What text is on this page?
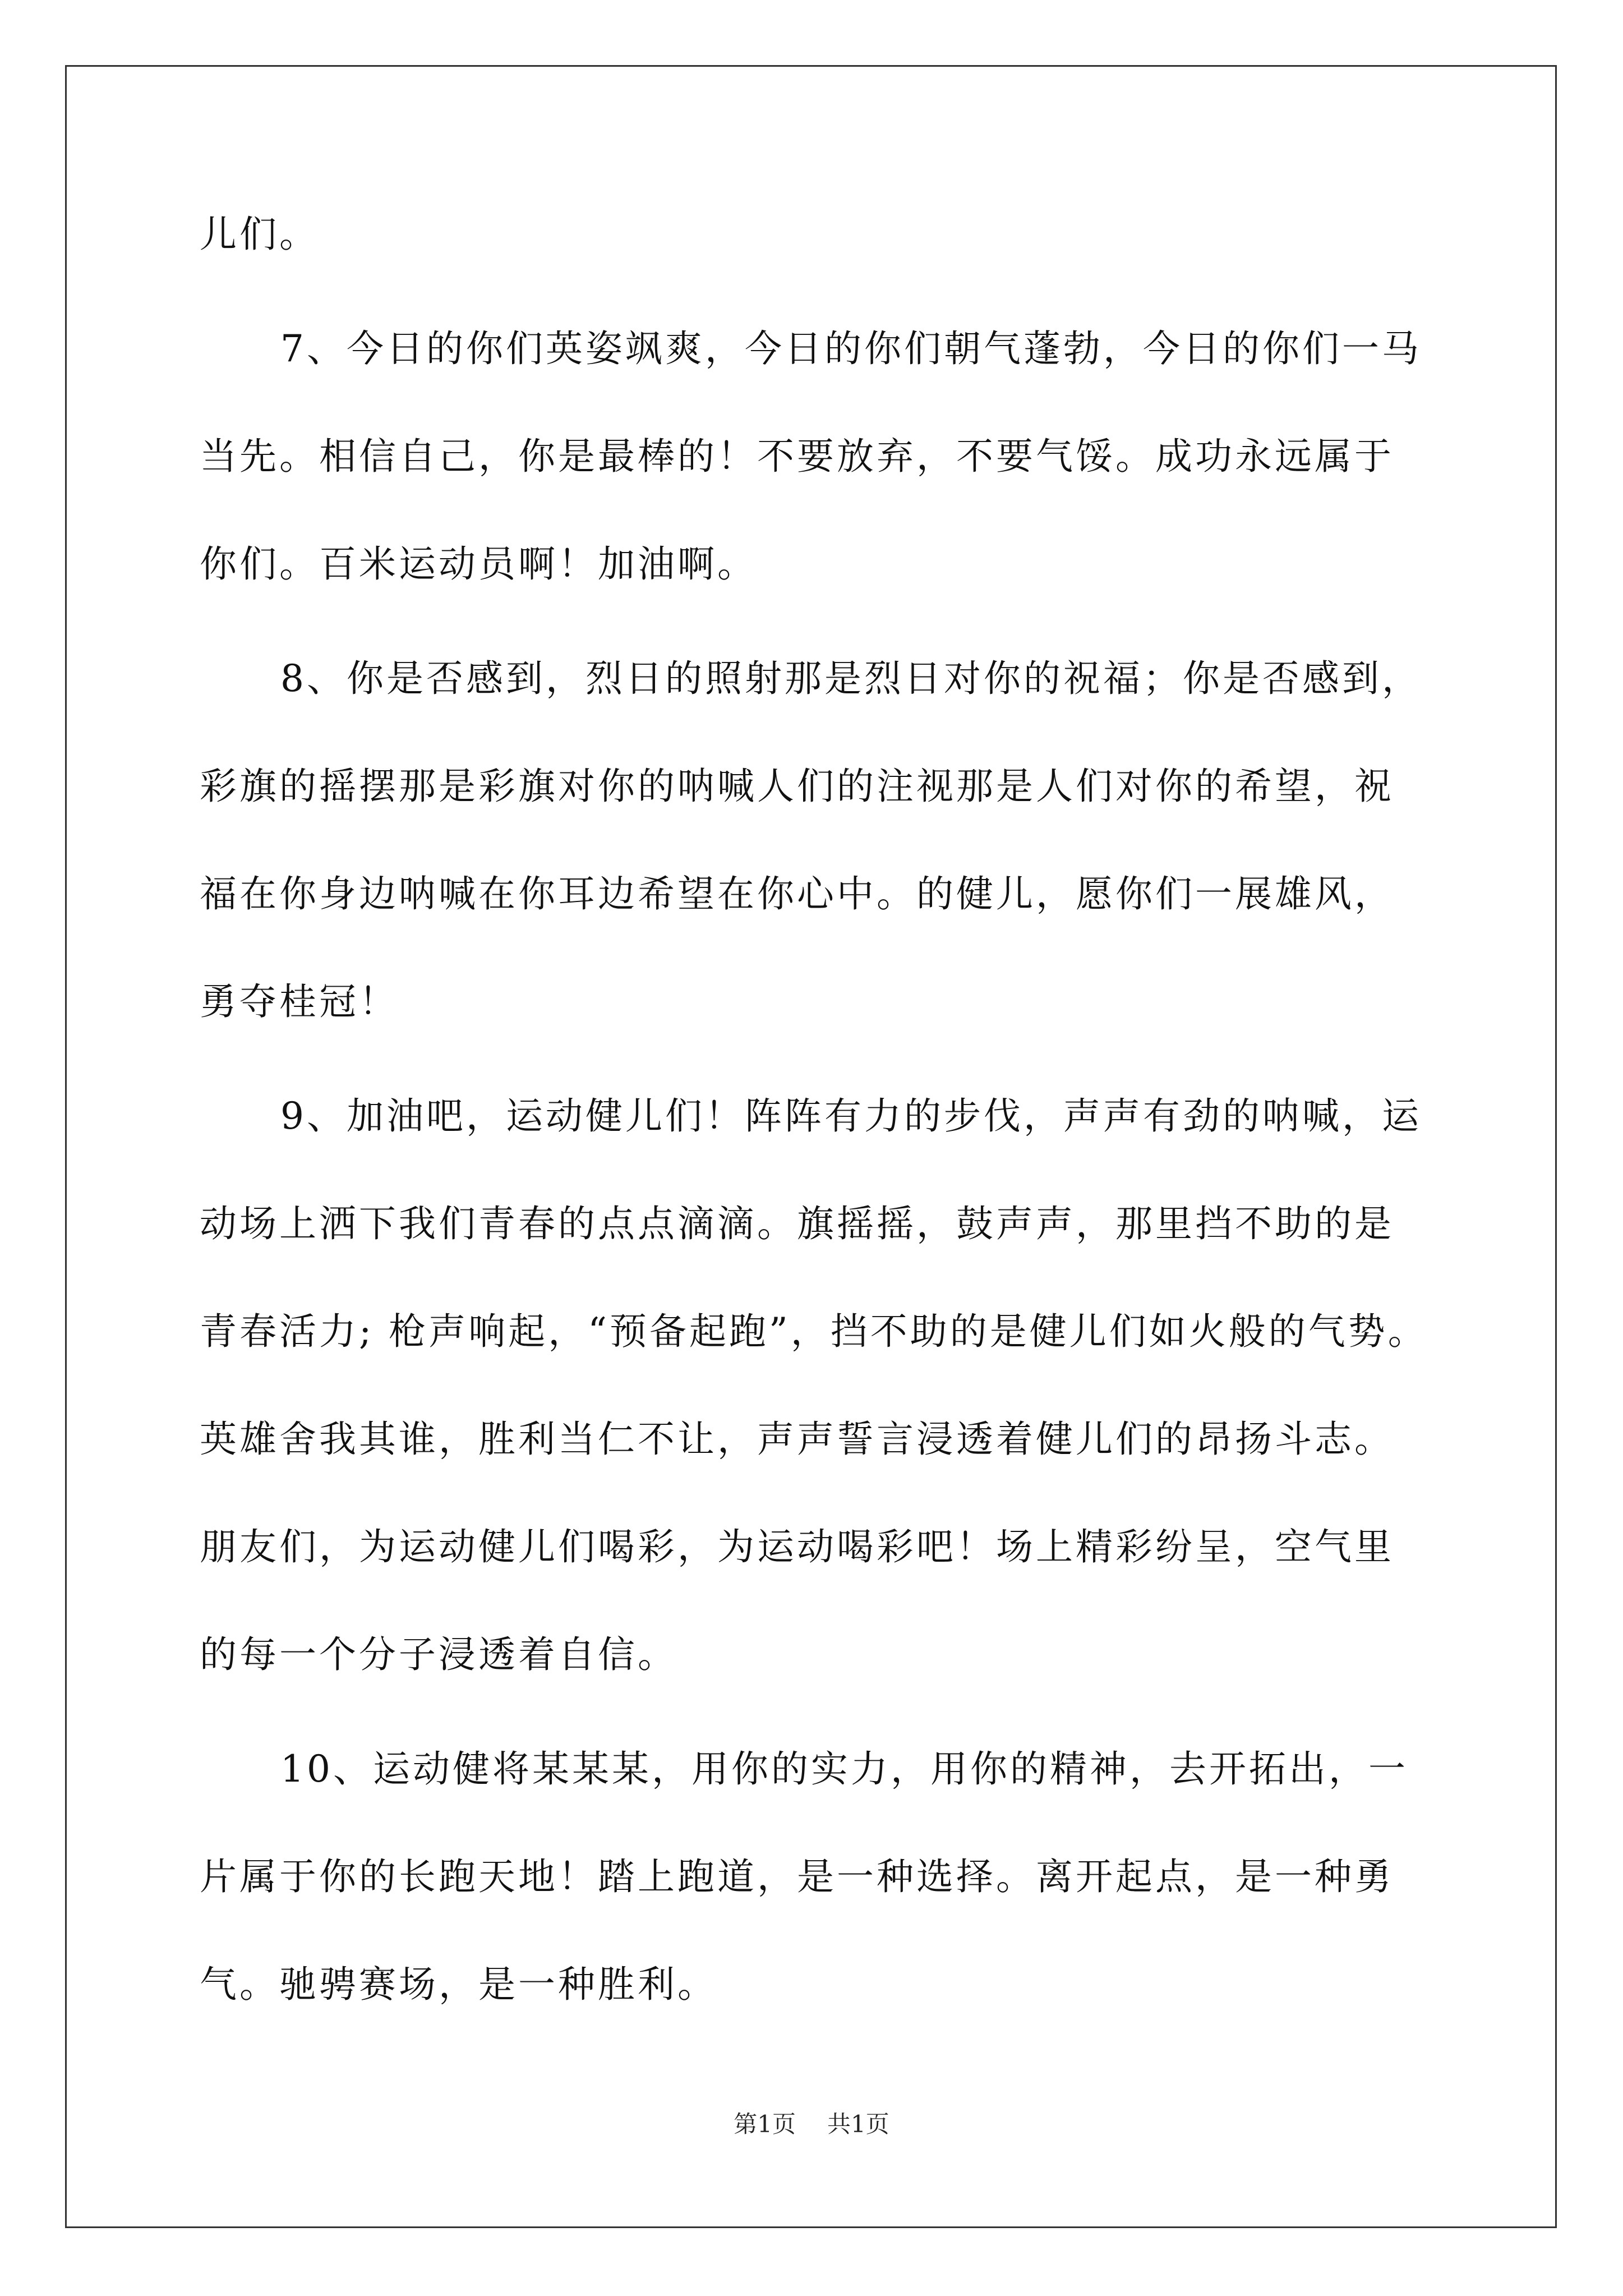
儿们。
7、今日的你们英姿飒爽，今日的你们朝气蓬勃，今日的你们一马
当先。相信自己，你是最棒的！不要放弃，不要气馁。成功永远属于
你们。百米运动员啊！加油啊。
8、你是否感到，烈日的照射那是烈日对你的祝福；你是否感到，
彩旗的摇摆那是彩旗对你的呐喊人们的注视那是人们对你的希望，祝
福在你身边呐喊在你耳边希望在你心中。的健儿，愿你们一展雄风，
勇夺桂冠！
9、加油吧，运动健儿们！阵阵有力的步伐，声声有劲的呐喊，运
动场上洒下我们青春的点点滴滴。旗摇摇，鼓声声，那里挡不助的是
青春活力; 枪声响起，“预备起跑”，挡不助的是健儿们如火般的气势。
英雄舍我其谁，胜利当仁不让，声声誓言浸透着健儿们的昂扬斗志。
朋友们，为运动健儿们喝彩，为运动喝彩吧！场上精彩纷呈，空气里
的每一个分子浸透着自信。
10、运动健将某某某，用你的实力，用你的精神，去开拓出，一
片属于你的长跑天地！踏上跑道，是一种选择。离开起点，是一种勇
气。驰骋赛场，是一种胜利。
第1页 共1页
